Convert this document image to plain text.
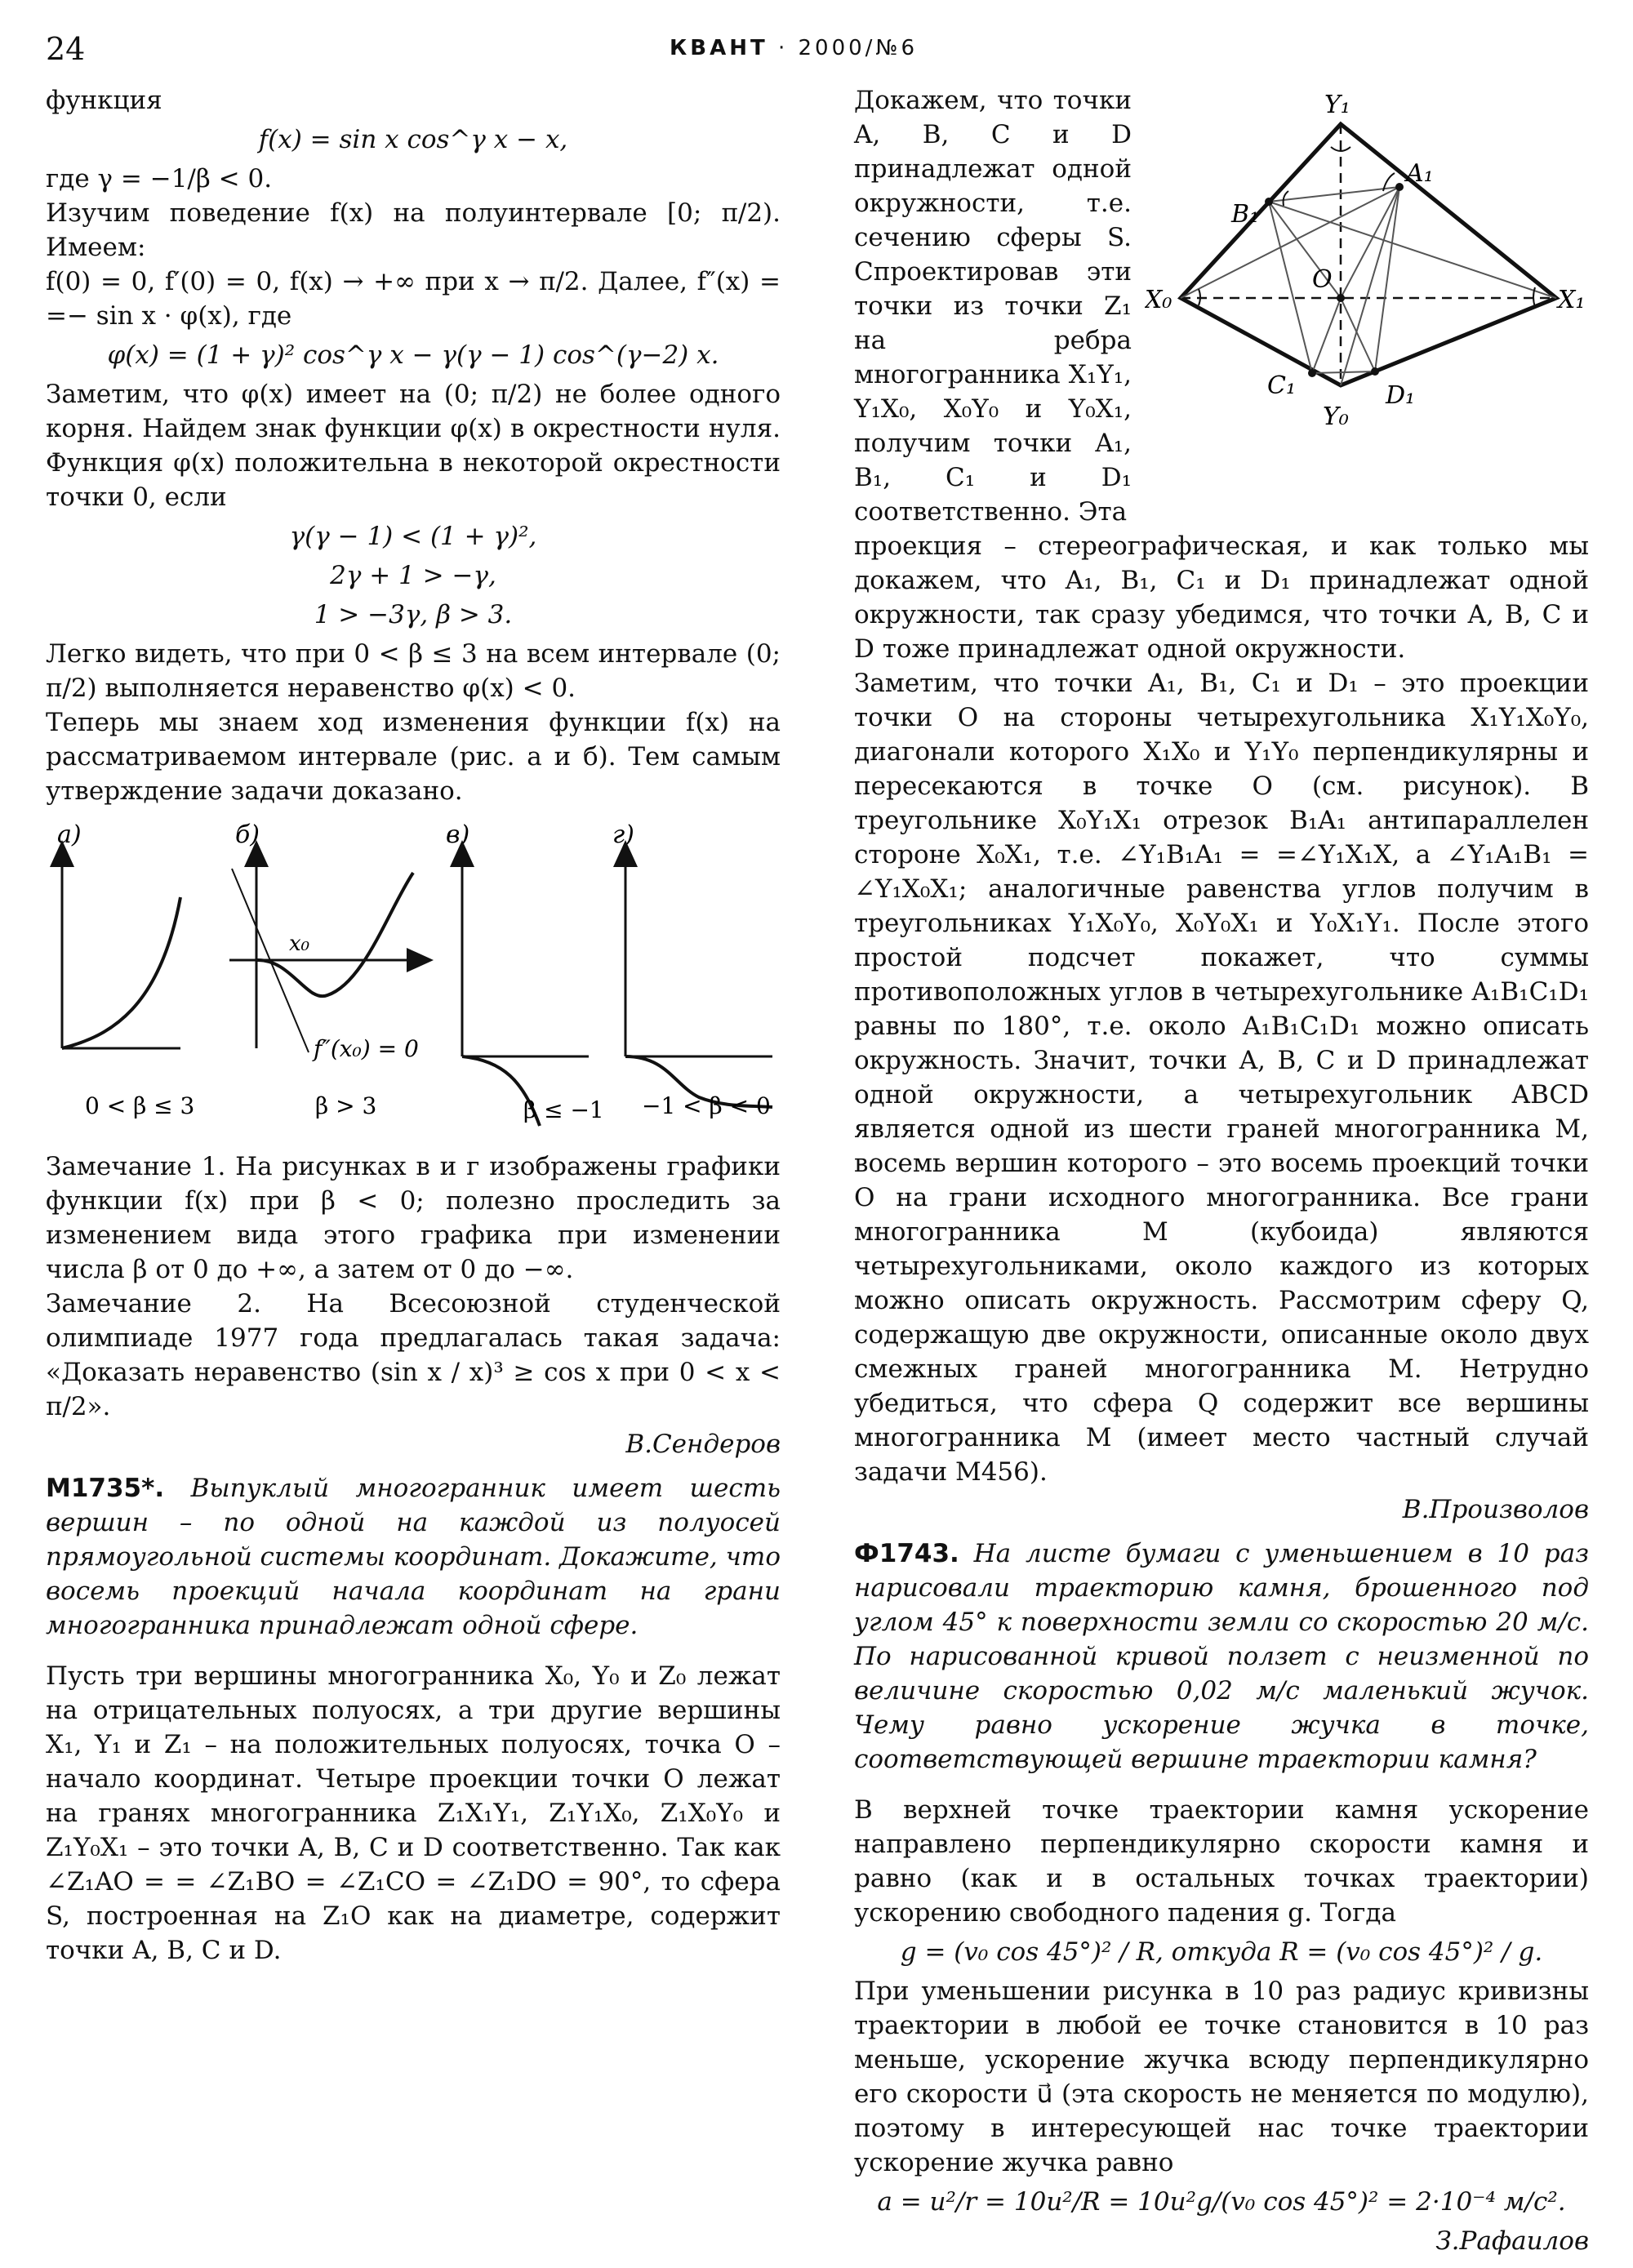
24	КВАНТ · 2000/№6

функция

f(x) = sin x cos^γ x − x,

где γ = −1/β < 0.

Изучим поведение f(x) на полуинтервале [0; π/2). Имеем:

f(0) = 0, f′(0) = 0, f(x) → +∞ при x → π/2. Далее, f″(x) = =− sin x · φ(x), где

φ(x) = (1 + γ)² cos^γ x − γ(γ − 1) cos^(γ−2) x.

Заметим, что φ(x) имеет на (0; π/2) не более одного корня. Найдем знак функции φ(x) в окрестности нуля. Функция φ(x) положительна в некоторой окрестности точки 0, если

γ(γ − 1) < (1 + γ)²,
2γ + 1 > −γ,
1 > −3γ, β > 3.

Легко видеть, что при 0 < β ≤ 3 на всем интервале (0; π/2) выполняется неравенство φ(x) < 0.

Теперь мы знаем ход изменения функции f(x) на рассматриваемом интервале (рис. а и б). Тем самым утверждение задачи доказано.

а)
0 < β ≤ 3
б)
x₀
f″(x₀) = 0
β > 3
в)
β ≤ −1
г)
−1 < β < 0

Замечание 1. На рисунках в и г изображены графики функции f(x) при β < 0; полезно проследить за изменением вида этого графика при изменении числа β от 0 до +∞, а затем от 0 до −∞.

Замечание 2. На Всесоюзной студенческой олимпиаде 1977 года предлагалась такая задача: «Доказать неравенство (sin x / x)³ ≥ cos x при 0 < x < π/2».

В.Сендеров

М1735*. Выпуклый многогранник имеет шесть вершин – по одной на каждой из полуосей прямоугольной системы координат. Докажите, что восемь проекций начала координат на грани многогранника принадлежат одной сфере.

Пусть три вершины многогранника X₀, Y₀ и Z₀ лежат на отрицательных полуосях, а три другие вершины X₁, Y₁ и Z₁ – на положительных полуосях, точка O – начало координат. Четыре проекции точки O лежат на гранях многогранника Z₁X₁Y₁, Z₁Y₁X₀, Z₁X₀Y₀ и Z₁Y₀X₁ – это точки A, B, C и D соответственно. Так как ∠Z₁AO = = ∠Z₁BO = ∠Z₁CO = ∠Z₁DO = 90°, то сфера S, построенная на Z₁O как на диаметре, содержит точки A, B, C и D.

Докажем, что точки A, B, C и D принадлежат одной окружности, т.е. сечению сферы S. Спроектировав эти точки из точки Z₁ на ребра многогранника X₁Y₁, Y₁X₀, X₀Y₀ и Y₀X₁, получим точки A₁, B₁, C₁ и D₁ соответственно. Эта

Y₁
A₁
B₁
O
X₀	X₁
C₁	D₁
Y₀

проекция – стереографическая, и как только мы докажем, что A₁, B₁, C₁ и D₁ принадлежат одной окружности, так сразу убедимся, что точки A, B, C и D тоже принадлежат одной окружности.

Заметим, что точки A₁, B₁, C₁ и D₁ – это проекции точки O на стороны четырехугольника X₁Y₁X₀Y₀, диагонали которого X₁X₀ и Y₁Y₀ перпендикулярны и пересекаются в точке O (см. рисунок). В треугольнике X₀Y₁X₁ отрезок B₁A₁ антипараллелен стороне X₀X₁, т.е. ∠Y₁B₁A₁ = =∠Y₁X₁X, а ∠Y₁A₁B₁ = ∠Y₁X₀X₁; аналогичные равенства углов получим в треугольниках Y₁X₀Y₀, X₀Y₀X₁ и Y₀X₁Y₁. После этого простой подсчет покажет, что суммы противоположных углов в четырехугольнике A₁B₁C₁D₁ равны по 180°, т.е. около A₁B₁C₁D₁ можно описать окружность. Значит, точки A, B, C и D принадлежат одной окружности, а четырехугольник ABCD является одной из шести граней многогранника M, восемь вершин которого – это восемь проекций точки O на грани исходного многогранника. Все грани многогранника M (кубоида) являются четырехугольниками, около каждого из которых можно описать окружность. Рассмотрим сферу Q, содержащую две окружности, описанные около двух смежных граней многогранника M. Нетрудно убедиться, что сфера Q содержит все вершины многогранника M (имеет место частный случай задачи М456).

В.Произволов

Ф1743. На листе бумаги с уменьшением в 10 раз нарисовали траекторию камня, брошенного под углом 45° к поверхности земли со скоростью 20 м/с. По нарисованной кривой ползет с неизменной по величине скоростью 0,02 м/с маленький жучок. Чему равно ускорение жучка в точке, соответствующей вершине траектории камня?

В верхней точке траектории камня ускорение направлено перпендикулярно скорости камня и равно (как и в остальных точках траектории) ускорению свободного падения g. Тогда

g = (v₀ cos 45°)² / R, откуда R = (v₀ cos 45°)² / g.

При уменьшении рисунка в 10 раз радиус кривизны траектории в любой ее точке становится в 10 раз меньше, ускорение жучка всюду перпендикулярно его скорости u⃗ (эта скорость не меняется по модулю), поэтому в интересующей нас точке траектории ускорение жучка равно

a = u²/r = 10u²/R = 10u²g/(v₀ cos 45°)² = 2·10⁻⁴ м/с².
З.Рафаилов
